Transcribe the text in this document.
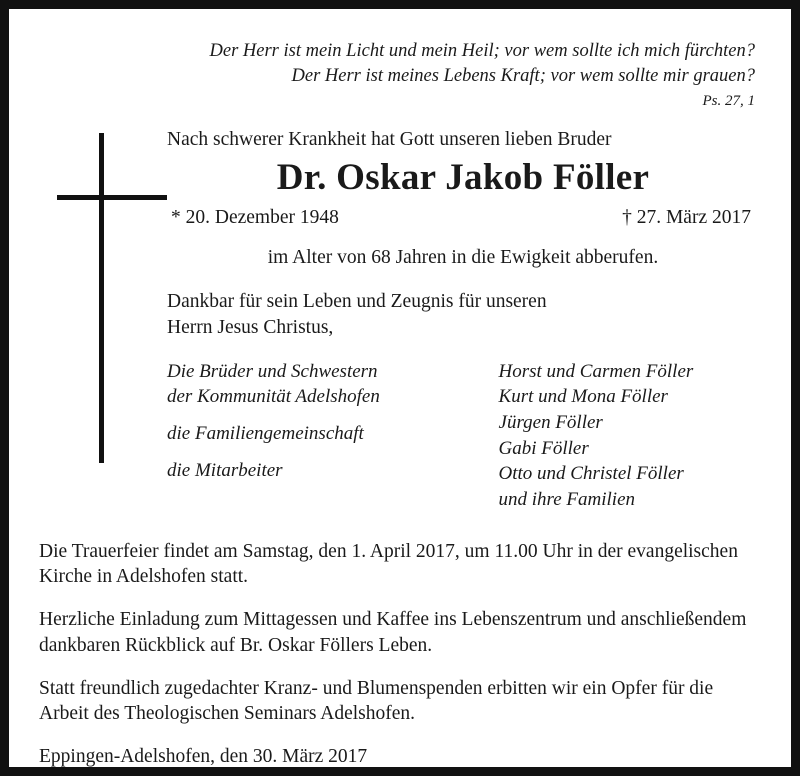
Der Herr ist mein Licht und mein Heil; vor wem sollte ich mich fürchten?
Der Herr ist meines Lebens Kraft; vor wem sollte mir grauen?
Ps. 27, 1
Nach schwerer Krankheit hat Gott unseren lieben Bruder
Dr. Oskar Jakob Föller
* 20. Dezember 1948	† 27. März 2017
im Alter von 68 Jahren in die Ewigkeit abberufen.
Dankbar für sein Leben und Zeugnis für unseren
Herrn Jesus Christus,
Die Brüder und Schwestern
der Kommunität Adelshofen
die Familiengemeinschaft
die Mitarbeiter
Horst und Carmen Föller
Kurt und Mona Föller
Jürgen Föller
Gabi Föller
Otto und Christel Föller
und ihre Familien

Die Trauerfeier findet am Samstag, den 1. April 2017, um 11.00 Uhr in der evangelischen Kirche in Adelshofen statt.

Herzliche Einladung zum Mittagessen und Kaffee ins Lebenszentrum und anschließendem dankbaren Rückblick auf Br. Oskar Föllers Leben.

Statt freundlich zugedachter Kranz- und Blumenspenden erbitten wir ein Opfer für die Arbeit des Theologischen Seminars Adelshofen.

Eppingen-Adelshofen, den 30. März 2017
